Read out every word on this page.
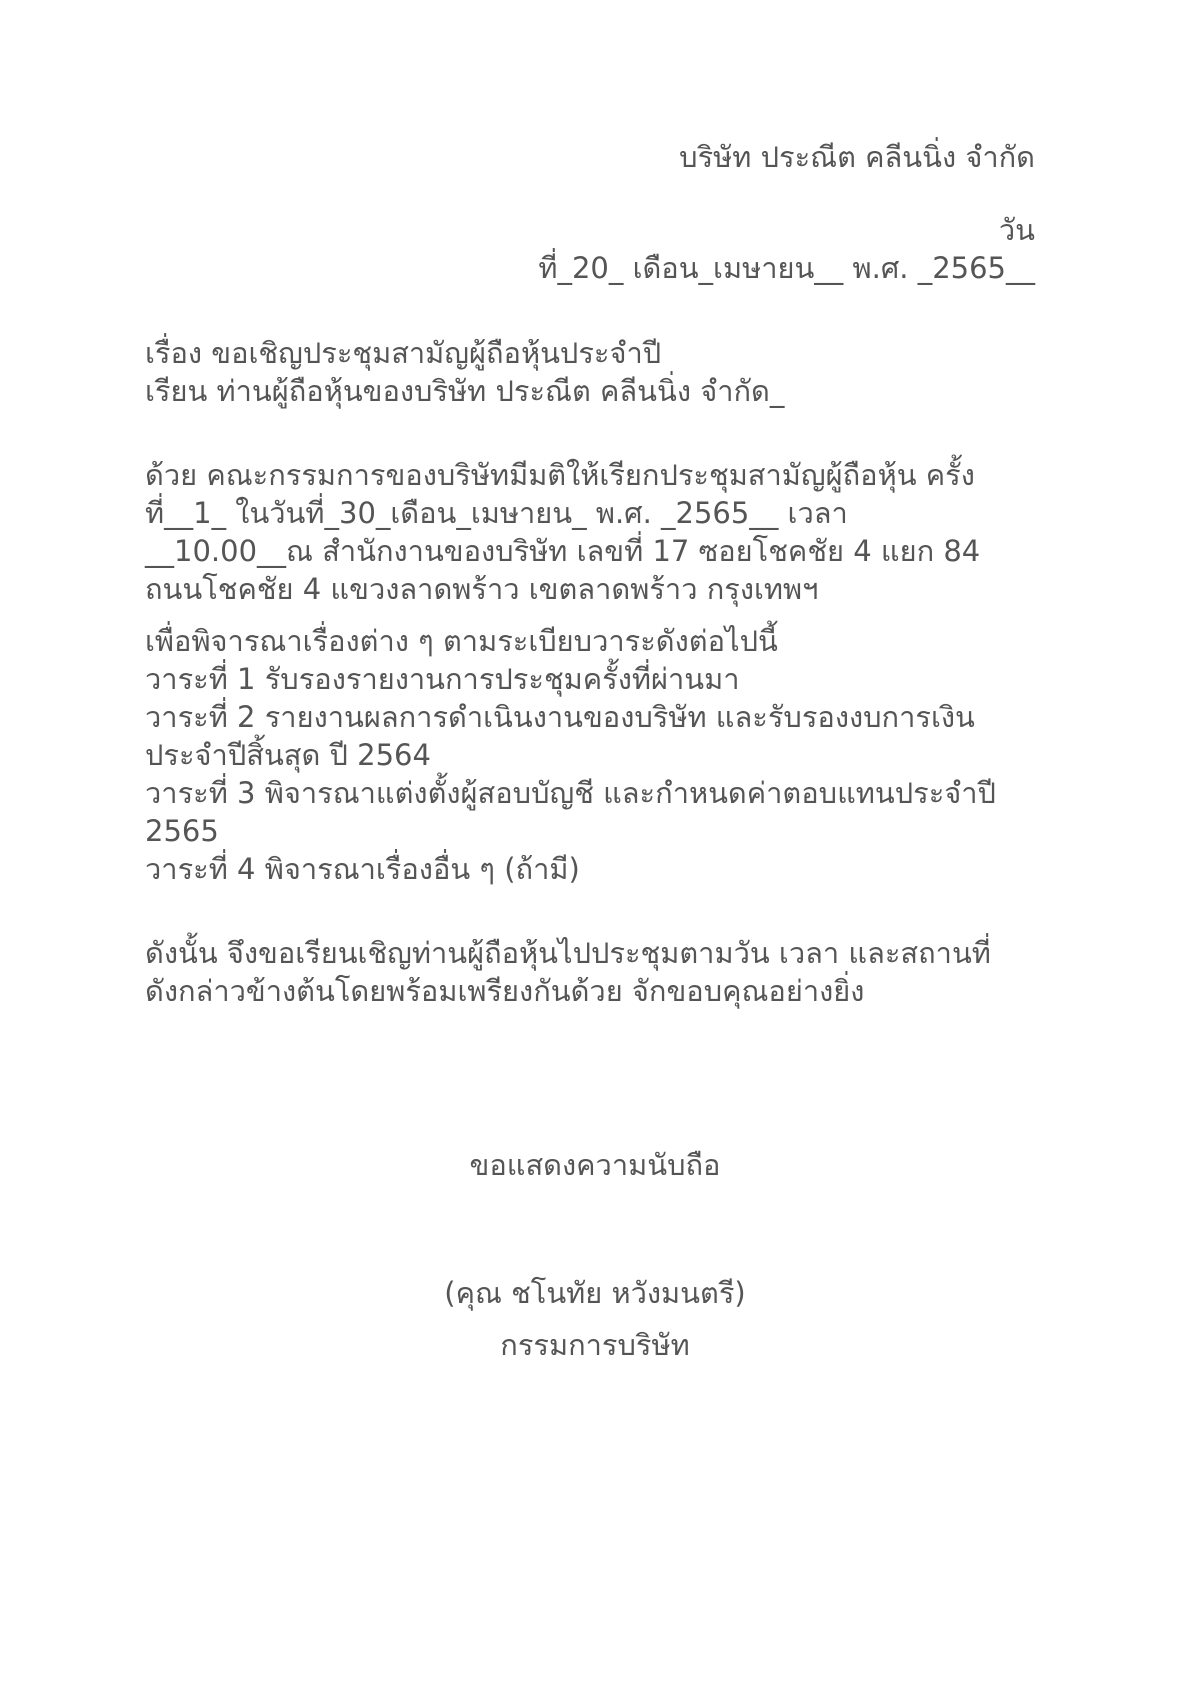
บริษัท ประณีต คลีนนิ่ง จำกัด
วัน
ที่_20_ เดือน_เมษายน__ พ.ศ. _2565__
เรื่อง ขอเชิญประชุมสามัญผู้ถือหุ้นประจำปี
เรียน ท่านผู้ถือหุ้นของบริษัท ประณีต คลีนนิ่ง จำกัด_
ด้วย คณะกรรมการของบริษัทมีมติให้เรียกประชุมสามัญผู้ถือหุ้น ครั้ง
ที่__1_ ในวันที่_30_เดือน_เมษายน_ พ.ศ. _2565__ เวลา
__10.00__ณ สำนักงานของบริษัท เลขที่ 17 ซอยโชคชัย 4 แยก 84
ถนนโชคชัย 4 แขวงลาดพร้าว เขตลาดพร้าว กรุงเทพฯ
เพื่อพิจารณาเรื่องต่าง ๆ ตามระเบียบวาระดังต่อไปนี้
วาระที่ 1 รับรองรายงานการประชุมครั้งที่ผ่านมา
วาระที่ 2 รายงานผลการดำเนินงานของบริษัท และรับรองงบการเงิน
ประจำปีสิ้นสุด ปี 2564
วาระที่ 3 พิจารณาแต่งตั้งผู้สอบบัญชี และกำหนดค่าตอบแทนประจำปี
2565
วาระที่ 4 พิจารณาเรื่องอื่น ๆ (ถ้ามี)
ดังนั้น จึงขอเรียนเชิญท่านผู้ถือหุ้นไปประชุมตามวัน เวลา และสถานที่
ดังกล่าวข้างต้นโดยพร้อมเพรียงกันด้วย จักขอบคุณอย่างยิ่ง
ขอแสดงความนับถือ
(คุณ ชโนทัย หวังมนตรี)
กรรมการบริษัท
